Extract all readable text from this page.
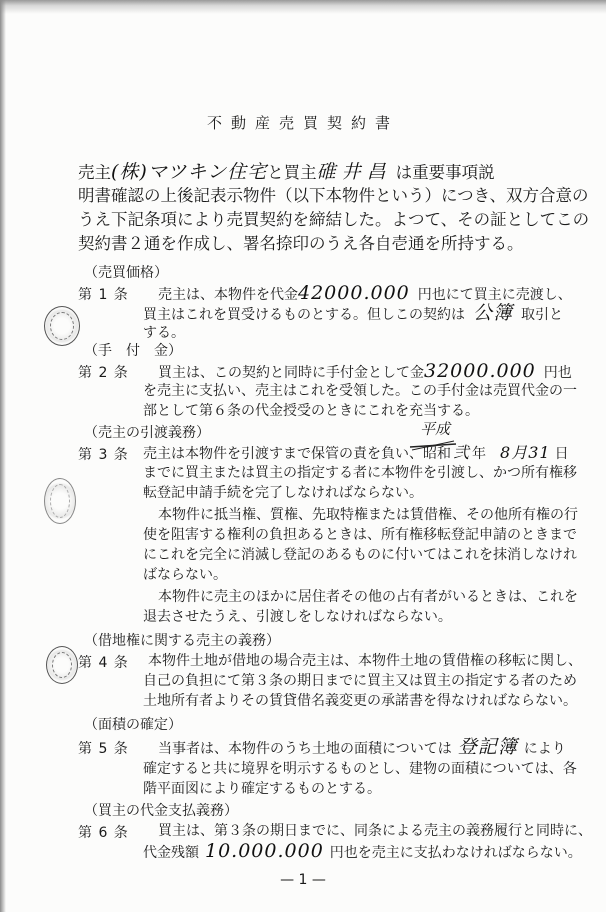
不動産売買契約書
売主(株)マツキン住宅と買主碓井昌 は重要事項説
明書確認の上後記表示物件（以下本物件という）につき、双方合意の
うえ下記条項により売買契約を締結した。よつて、その証としてこの
契約書２通を作成し、署名捺印のうえ各自壱通を所持する。
（売買価格）
第 1 条 売主は、本物件を代金42000.000 円也にて買主に売渡し、
買主はこれを買受けるものとする。但しこの契約は 公簿 取引と
する。
（手　付　金）
第 2 条 買主は、この契約と同時に手付金として金32000.000 円也
を売主に支払い、売主はこれを受領した。この手付金は売買代金の一
部として第６条の代金授受のときにこれを充当する。
（売主の引渡義務）	平成
第 3 条 売主は本物件を引渡すまで保管の責を負い、昭和 弐 年 8月31 日
までに買主または買主の指定する者に本物件を引渡し、かつ所有権移
転登記申請手続を完了しなければならない。
本物件に抵当権、質権、先取特権または賃借権、その他所有権の行
使を阻害する権利の負担あるときは、所有権移転登記申請のときまで
にこれを完全に消滅し登記のあるものに付いてはこれを抹消しなけれ
ばならない。
本物件に売主のほかに居住者その他の占有者がいるときは、これを
退去させたうえ、引渡しをしなければならない。
（借地権に関する売主の義務）
第 4 条 本物件土地が借地の場合売主は、本物件土地の賃借権の移転に関し、
自己の負担にて第３条の期日までに買主又は買主の指定する者のため
土地所有者よりその賃貸借名義変更の承諾書を得なければならない。
（面積の確定）
第 5 条 当事者は、本物件のうち土地の面積については 登記簿 により
確定すると共に境界を明示するものとし、建物の面積については、各
階平面図により確定するものとする。
（買主の代金支払義務）
第 6 条 買主は、第３条の期日までに、同条による売主の義務履行と同時に、
代金残額 10.000.000 円也を売主に支払わなければならない。
— 1 —
